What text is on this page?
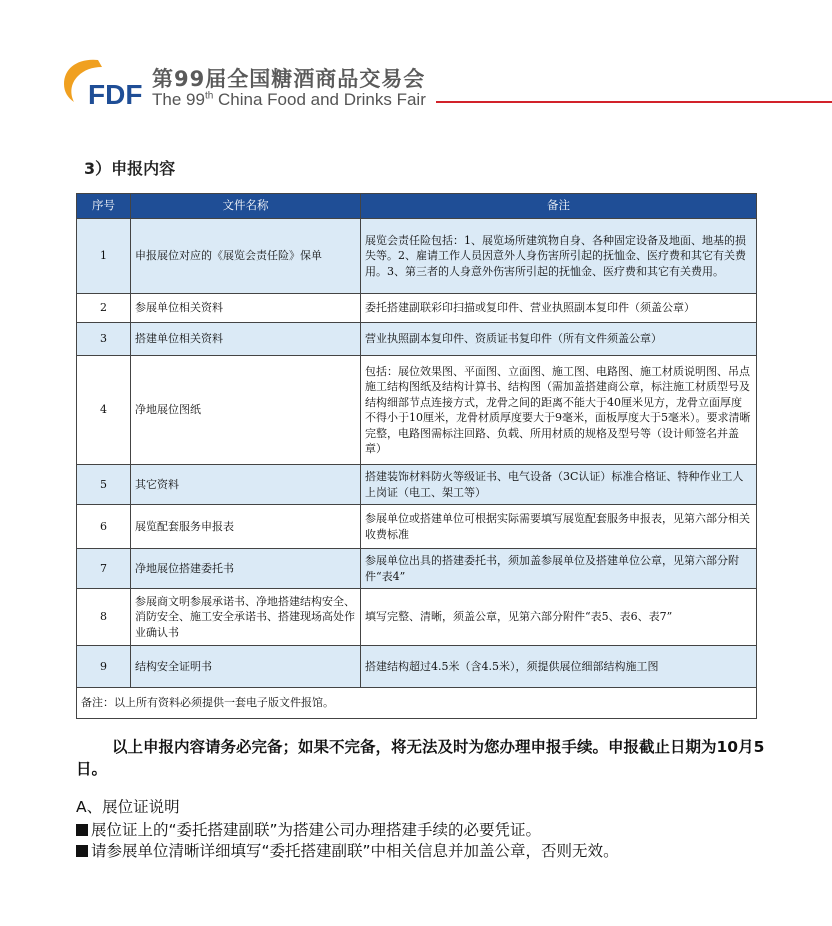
FDF 第99届全国糖酒商品交易会
The 99th China Food and Drinks Fair
3）申报内容
序号	文件名称	备注
1	申报展位对应的《展览会责任险》保单	展览会责任险包括：1、展览场所建筑物自身、各种固定设备及地面、地基的损失等。2、雇请工作人员因意外人身伤害所引起的抚恤金、医疗费和其它有关费用。3、第三者的人身意外伤害所引起的抚恤金、医疗费和其它有关费用。
2	参展单位相关资料	委托搭建副联彩印扫描或复印件、营业执照副本复印件（须盖公章）
3	搭建单位相关资料	营业执照副本复印件、资质证书复印件（所有文件须盖公章）
4	净地展位图纸	包括：展位效果图、平面图、立面图、施工图、电路图、施工材质说明图、吊点施工结构图纸及结构计算书、结构图（需加盖搭建商公章，标注施工材质型号及结构细部节点连接方式，龙骨之间的距离不能大于40厘米见方，龙骨立面厚度不得小于10厘米，龙骨材质厚度要大于9毫米，面板厚度大于5毫米）。要求清晰完整，电路图需标注回路、负载、所用材质的规格及型号等（设计师签名并盖章）
5	其它资料	搭建装饰材料防火等级证书、电气设备（3C认证）标准合格证、特种作业工人上岗证（电工、架工等）
6	展览配套服务申报表	参展单位或搭建单位可根据实际需要填写展览配套服务申报表，见第六部分相关收费标准
7	净地展位搭建委托书	参展单位出具的搭建委托书，须加盖参展单位及搭建单位公章，见第六部分附件“表4”
8	参展商文明参展承诺书、净地搭建结构安全、消防安全、施工安全承诺书、搭建现场高处作业确认书	填写完整、清晰，须盖公章，见第六部分附件“表5、表6、表7”
9	结构安全证明书	搭建结构超过4.5米（含4.5米），须提供展位细部结构施工图
备注：以上所有资料必须提供一套电子版文件报馆。		
以上申报内容请务必完备；如果不完备，将无法及时为您办理申报手续。申报截止日期为10月5日。
A、展位证说明
展位证上的“委托搭建副联”为搭建公司办理搭建手续的必要凭证。
请参展单位清晰详细填写“委托搭建副联”中相关信息并加盖公章，否则无效。
